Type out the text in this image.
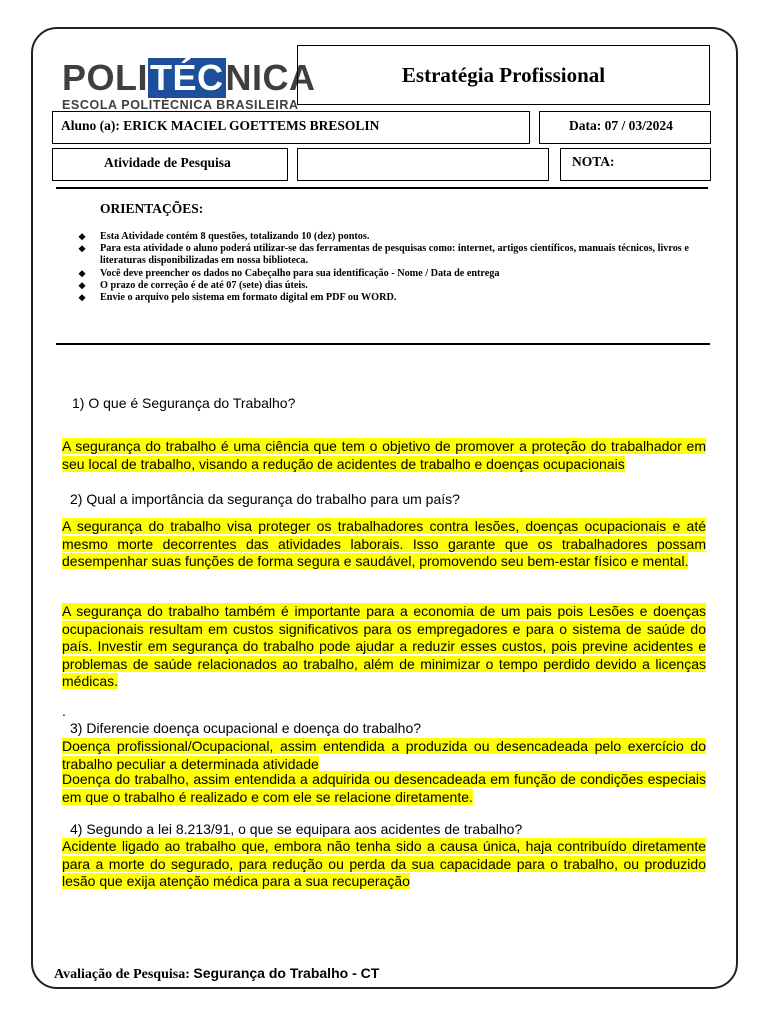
POLITÉCNICA
ESCOLA POLITÉCNICA BRASILEIRA
Estratégia Profissional
Aluno (a): ERICK MACIEL GOETTEMS BRESOLIN	Data: 07 / 03/2024
Atividade de Pesquisa	NOTA:
ORIENTAÇÕES:
❖ Esta Atividade contém 8 questões, totalizando 10 (dez) pontos.
❖ Para esta atividade o aluno poderá utilizar-se das ferramentas de pesquisas como: internet, artigos científicos, manuais técnicos, livros e literaturas disponibilizadas em nossa biblioteca.
❖ Você deve preencher os dados no Cabeçalho para sua identificação - Nome / Data de entrega
❖ O prazo de correção é de até 07 (sete) dias úteis.
❖ Envie o arquivo pelo sistema em formato digital em PDF ou WORD.
1) O que é Segurança do Trabalho?
A segurança do trabalho é uma ciência que tem o objetivo de promover a proteção do trabalhador em seu local de trabalho, visando a redução de acidentes de trabalho e doenças ocupacionais
2) Qual a importância da segurança do trabalho para um país?
A segurança do trabalho visa proteger os trabalhadores contra lesões, doenças ocupacionais e até mesmo morte decorrentes das atividades laborais. Isso garante que os trabalhadores possam desempenhar suas funções de forma segura e saudável, promovendo seu bem-estar físico e mental.
A segurança do trabalho também é importante para a economia de um pais pois Lesões e doenças ocupacionais resultam em custos significativos para os empregadores e para o sistema de saúde do país. Investir em segurança do trabalho pode ajudar a reduzir esses custos, pois previne acidentes e problemas de saúde relacionados ao trabalho, além de minimizar o tempo perdido devido a licenças médicas.
.
3) Diferencie doença ocupacional e doença do trabalho?
Doença profissional/Ocupacional, assim entendida a produzida ou desencadeada pelo exercício do trabalho peculiar a determinada atividade
Doença do trabalho, assim entendida a adquirida ou desencadeada em função de condições especiais em que o trabalho é realizado e com ele se relacione diretamente.
4) Segundo a lei 8.213/91, o que se equipara aos acidentes de trabalho?
Acidente ligado ao trabalho que, embora não tenha sido a causa única, haja contribuído diretamente para a morte do segurado, para redução ou perda da sua capacidade para o trabalho, ou produzido lesão que exija atenção médica para a sua recuperação
Avaliação de Pesquisa: Segurança do Trabalho - CT
